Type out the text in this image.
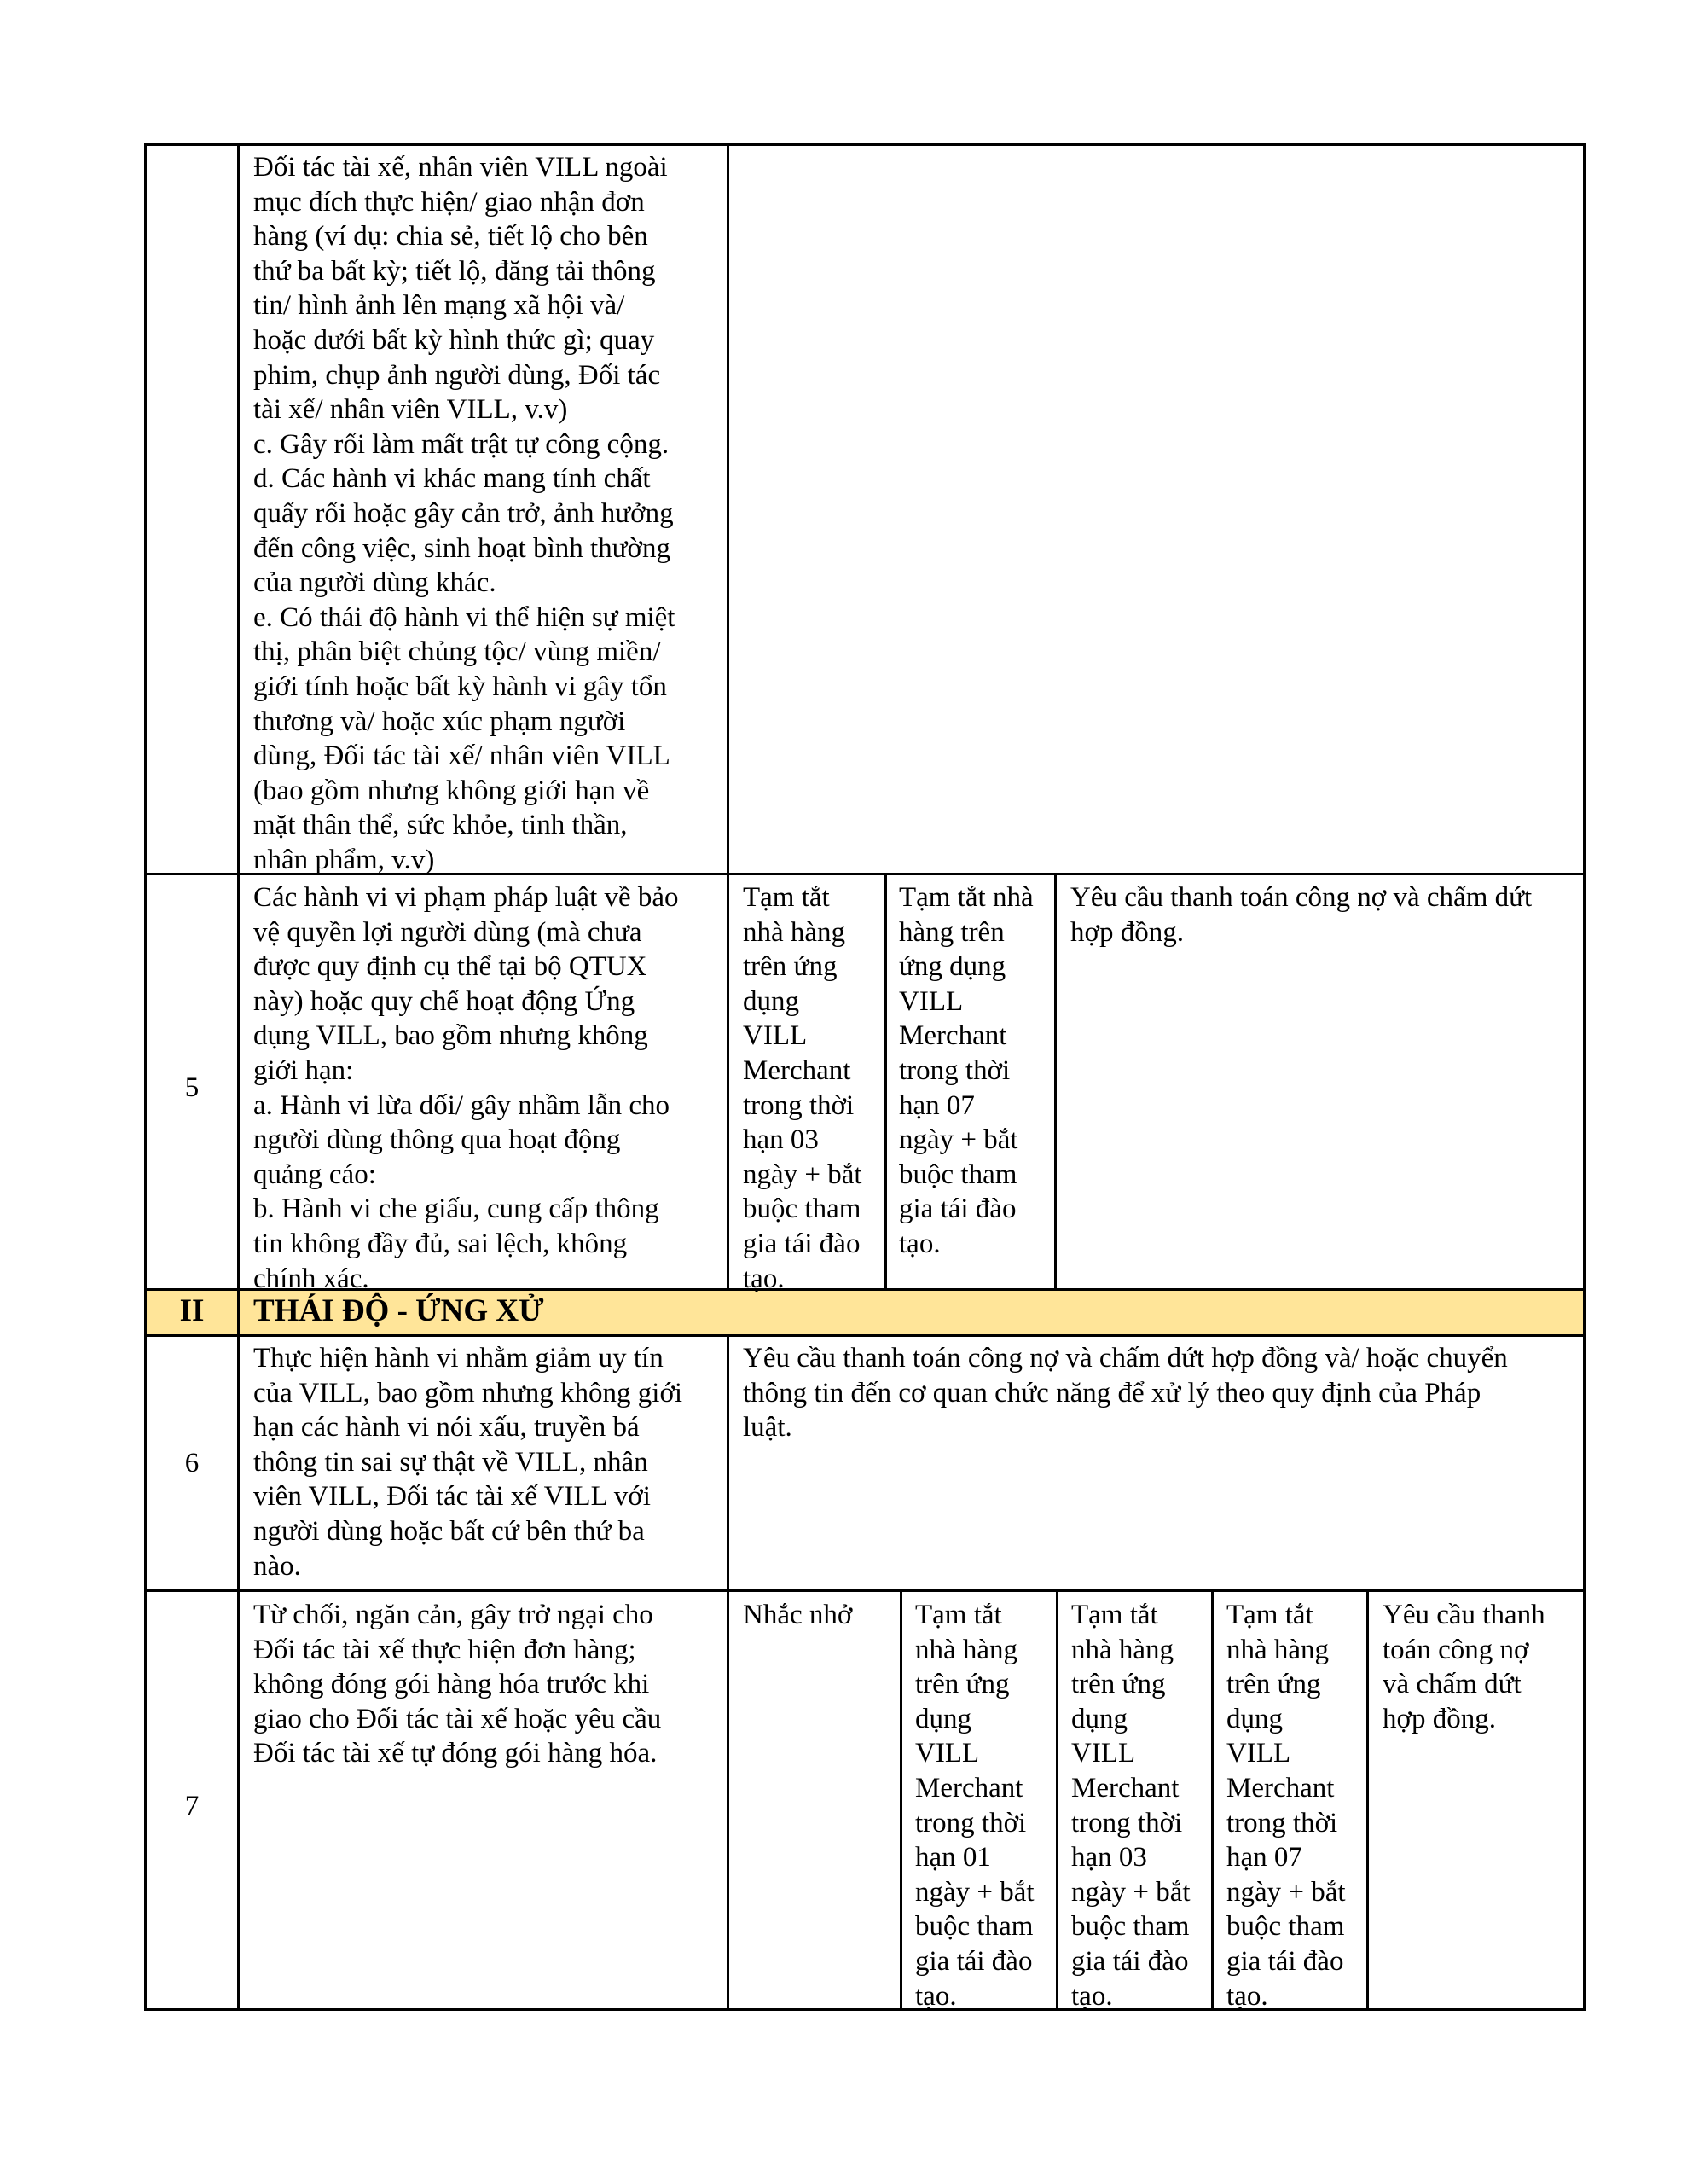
Đối tác tài xế, nhân viên VILL ngoài
mục đích thực hiện/ giao nhận đơn
hàng (ví dụ: chia sẻ, tiết lộ cho bên
thứ ba bất kỳ; tiết lộ, đăng tải thông
tin/ hình ảnh lên mạng xã hội và/
hoặc dưới bất kỳ hình thức gì; quay
phim, chụp ảnh người dùng, Đối tác
tài xế/ nhân viên VILL, v.v)
c. Gây rối làm mất trật tự công cộng.
d. Các hành vi khác mang tính chất
quấy rối hoặc gây cản trở, ảnh hưởng
đến công việc, sinh hoạt bình thường
của người dùng khác.
e. Có thái độ hành vi thể hiện sự miệt
thị, phân biệt chủng tộc/ vùng miền/
giới tính hoặc bất kỳ hành vi gây tổn
thương và/ hoặc xúc phạm người
dùng, Đối tác tài xế/ nhân viên VILL
(bao gồm nhưng không giới hạn về
mặt thân thể, sức khỏe, tinh thần,
nhân phẩm, v.v)
5
Các hành vi vi phạm pháp luật về bảo
vệ quyền lợi người dùng (mà chưa
được quy định cụ thể tại bộ QTUX
này) hoặc quy chế hoạt động Ứng
dụng VILL, bao gồm nhưng không
giới hạn:
a. Hành vi lừa dối/ gây nhầm lẫn cho
người dùng thông qua hoạt động
quảng cáo:
b. Hành vi che giấu, cung cấp thông
tin không đầy đủ, sai lệch, không
chính xác.
Tạm tắt
nhà hàng
trên ứng
dụng
VILL
Merchant
trong thời
hạn 03
ngày + bắt
buộc tham
gia tái đào
tạo.
Tạm tắt nhà
hàng trên
ứng dụng
VILL
Merchant
trong thời
hạn 07
ngày + bắt
buộc tham
gia tái đào
tạo.
Yêu cầu thanh toán công nợ và chấm dứt
hợp đồng.
II	THÁI ĐỘ - ỨNG XỬ
6
Thực hiện hành vi nhằm giảm uy tín
của VILL, bao gồm nhưng không giới
hạn các hành vi nói xấu, truyền bá
thông tin sai sự thật về VILL, nhân
viên VILL, Đối tác tài xế VILL với
người dùng hoặc bất cứ bên thứ ba
nào.
Yêu cầu thanh toán công nợ và chấm dứt hợp đồng và/ hoặc chuyển
thông tin đến cơ quan chức năng để xử lý theo quy định của Pháp
luật.
7
Từ chối, ngăn cản, gây trở ngại cho
Đối tác tài xế thực hiện đơn hàng;
không đóng gói hàng hóa trước khi
giao cho Đối tác tài xế hoặc yêu cầu
Đối tác tài xế tự đóng gói hàng hóa.
Nhắc nhở	Tạm tắt
nhà hàng
trên ứng
dụng
VILL
Merchant
trong thời
hạn 01
ngày + bắt
buộc tham
gia tái đào
tạo.
Tạm tắt
nhà hàng
trên ứng
dụng
VILL
Merchant
trong thời
hạn 03
ngày + bắt
buộc tham
gia tái đào
tạo.
Tạm tắt
nhà hàng
trên ứng
dụng
VILL
Merchant
trong thời
hạn 07
ngày + bắt
buộc tham
gia tái đào
tạo.
Yêu cầu thanh
toán công nợ
và chấm dứt
hợp đồng.
